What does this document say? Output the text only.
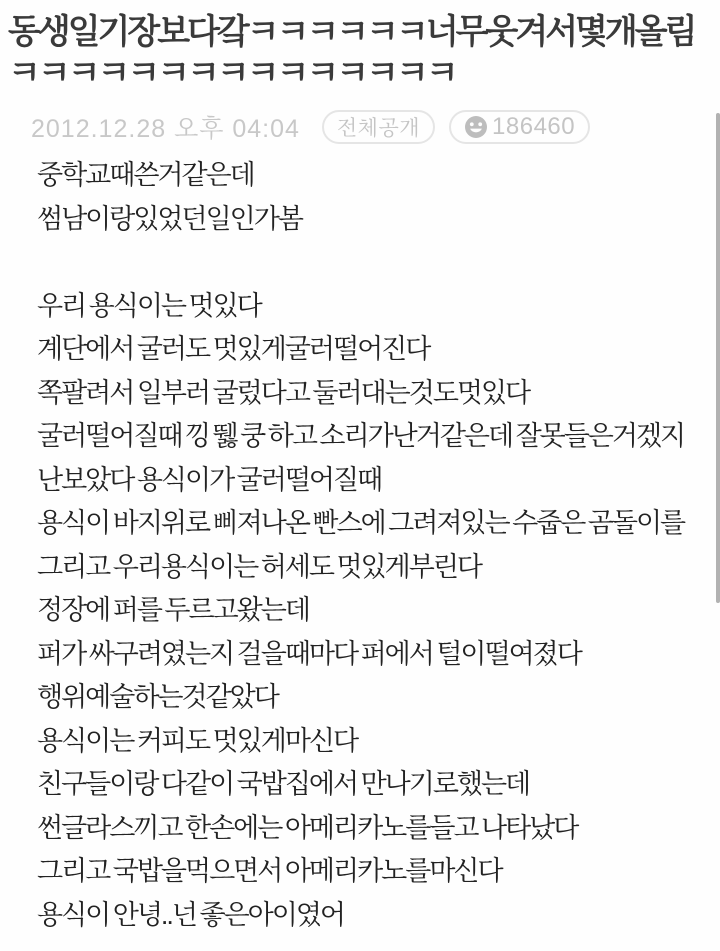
동생일기장보다갘ㅋㅋㅋㅋㅋㅋ너무웃겨서몇개올림
ㅋㅋㅋㅋㅋㅋㅋㅋㅋㅋㅋㅋㅋㅋㅋ
2012.12.28 오후 04:04 전체공개	186460
중학교때쓴거같은데
썸남이랑있었던일인가봄

우리 용식이는 멋있다
계단에서 굴러도 멋있게굴러떨어진다
쪽팔려서 일부러 굴렀다고 둘러대는것도멋있다
굴러떨어질때 낑 뛣 쿵 하고 소리가난거같은데 잘못들은거겠지
난보았다 용식이가 굴러떨어질때
용식이 바지위로 삐져나온 빤스에 그려져있는 수줍은 곰돌이를
그리고 우리용식이는 허세도 멋있게부린다
정장에 퍼를 두르고왔는데
퍼가 싸구려였는지 걸을때마다 퍼에서 털이떨여졌다
행위예술하는것같았다
용식이는 커피도 멋있게마신다
친구들이랑 다같이 국밥집에서 만나기로했는데
썬글라스끼고 한손에는 아메리카노를들고 나타났다
그리고 국밥을먹으면서 아메리카노를마신다
용식이 안녕..넌 좋은아이였어
